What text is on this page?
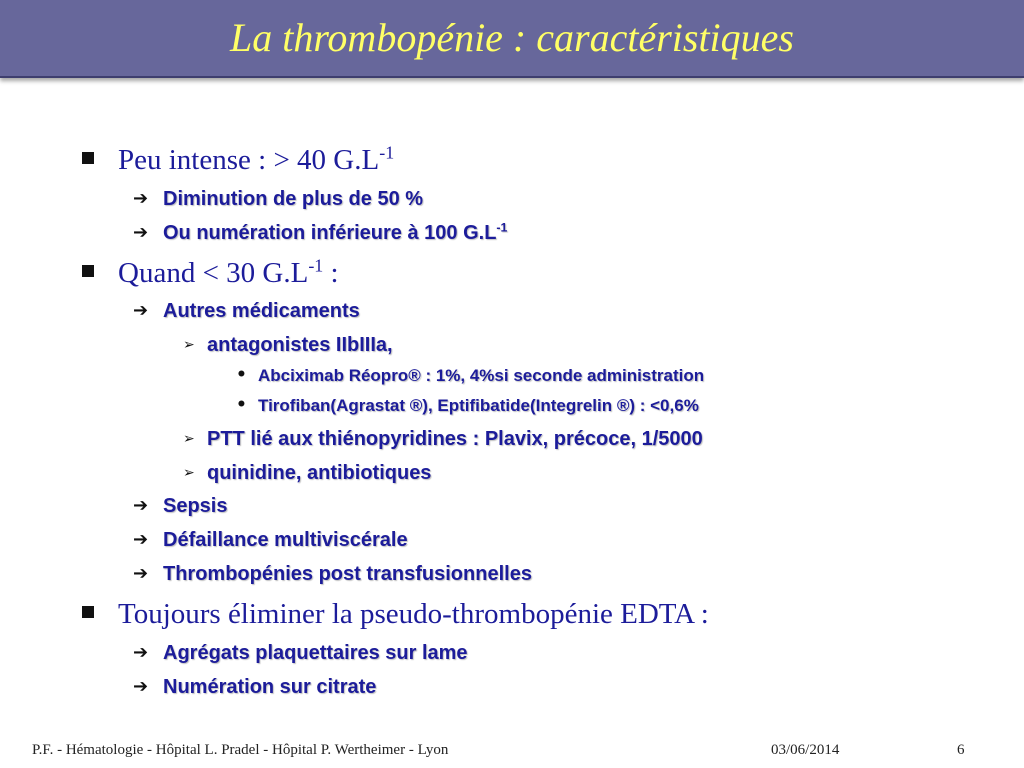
La thrombopénie : caractéristiques
Peu intense : > 40 $G.L^{-1}$
➔ Diminution de plus de 50 %
➔ Ou numération inférieure à 100 $G.L^{-1}$
Quand < 30 $G.L^{-1}$ :
➔ Autres médicaments
➢ antagonistes IIbIIIa,
• Abciximab Réopro® : 1%, 4%si seconde administration
• Tirofiban(Agrastat ®), Eptifibatide(Integrelin ®) : <0,6%
➢ PTT lié aux thiénopyridines : Plavix, précoce, 1/5000
➢ quinidine, antibiotiques
➔ Sepsis
➔ Défaillance multiviscérale
➔ Thrombopénies post transfusionnelles
Toujours éliminer la pseudo-thrombopénie EDTA :
➔ Agrégats plaquettaires sur lame
➔ Numération sur citrate
P.F. - Hématologie - Hôpital L. Pradel - Hôpital P. Wertheimer - Lyon	03/06/2014	6
